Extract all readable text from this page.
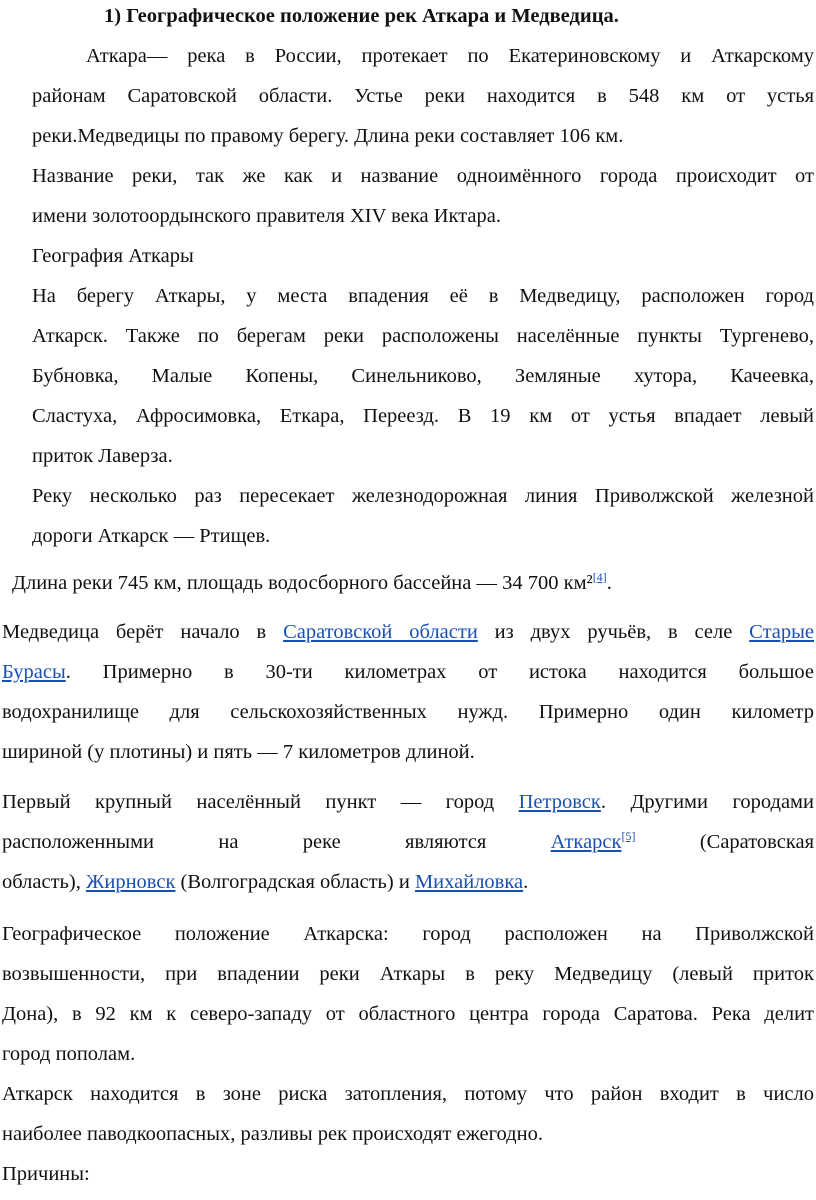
1) Географическое положение рек Аткара и Медведица.
Аткара— река в России, протекает по Екатериновскому и Аткарскому
районам Саратовской области. Устье реки находится в 548 км от устья
реки.Медведицы по правому берегу. Длина реки составляет 106 км.
Название реки, так же как и название одноимённого города происходит от
имени золотоордынского правителя XIV века Иктара.
География Аткары
На берегу Аткары, у места впадения её в Медведицу, расположен город
Аткарск. Также по берегам реки расположены населённые пункты Тургенево,
Бубновка, Малые Копены, Синельниково, Земляные хутора, Качеевка,
Сластуха, Афросимовка, Еткара, Переезд. В 19 км от устья впадает левый
приток Лаверза.
Реку несколько раз пересекает железнодорожная линия Приволжской железной
дороги Аткарск — Ртищев.
Длина реки 745 км, площадь водосборного бассейна — 34 700 км²[4].
Медведица берёт начало в Саратовской области из двух ручьёв, в селе Старые
Бурасы. Примерно в 30-ти километрах от истока находится большое
водохранилище для сельскохозяйственных нужд. Примерно один километр
шириной (у плотины) и пять — 7 километров длиной.
Первый крупный населённый пункт — город Петровск. Другими городами
расположенными	на	реке	являются	Аткарск[5]	(Саратовская
область), Жирновск (Волгоградская область) и Михайловка.
Географическое положение Аткарска: город расположен на Приволжской
возвышенности, при впадении реки Аткары в реку Медведицу (левый приток
Дона), в 92 км к северо-западу от областного центра города Саратова. Река делит
город пополам.
Аткарск находится в зоне риска затопления, потому что район входит в число
наиболее паводкоопасных, разливы рек происходят ежегодно.
Причины:
